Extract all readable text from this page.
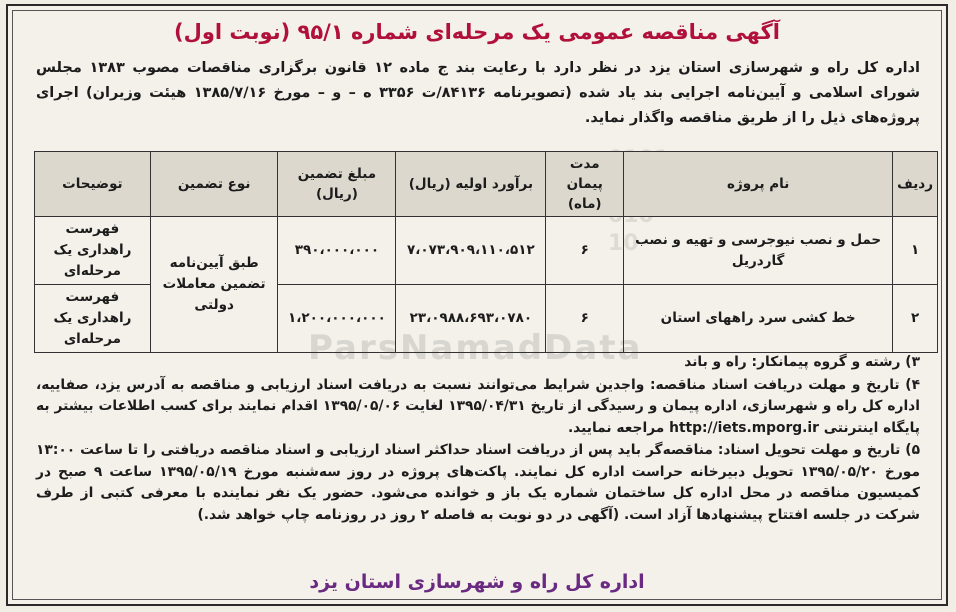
10
ParsNamadData
آگهی مناقصه عمومی یک مرحله‌ای شماره ۹۵/۱ (نوبت اول)
اداره کل راه و شهرسازی استان یزد در نظر دارد با رعایت بند ج ماده ۱۲ قانون برگزاری مناقصات مصوب ۱۳۸۳ مجلس شورای اسلامی و آیین‌نامه اجرایی بند یاد شده (تصویرنامه ۸۴۱۳۶/ت ۳۳۵۶ ه – و – مورخ ۱۳۸۵/۷/۱۶ هیئت وزیران) اجرای پروژه‌های ذیل را از طریق مناقصه واگذار نماید.
ردیف	نام پروژه	مدت پیمان (ماه)	برآورد اولیه (ریال)	مبلغ تضمین (ریال)	نوع تضمین	توضیحات
۱	حمل و نصب نیوجرسی و تهیه و نصب گاردریل	۶	۷،۰۷۳،۹۰۹،۱۱۰،۵۱۲	۳۹۰،۰۰۰،۰۰۰	طبق آیین‌نامه تضمین معاملات دولتی	فهرست راهداری یک مرحله‌ای
۲	خط کشی سرد راههای استان	۶	۲۳،۰۹۸۸،۶۹۳،۰۷۸۰	۱،۲۰۰،۰۰۰،۰۰۰		فهرست راهداری یک مرحله‌ای

۳) رشته و گروه پیمانکار: راه و باند

۴) تاریخ و مهلت دریافت اسناد مناقصه: واجدین شرایط می‌توانند نسبت به دریافت اسناد ارزیابی و مناقصه به آدرس یزد، صفاییه، اداره کل راه و شهرسازی، اداره پیمان و رسیدگی از تاریخ ۱۳۹۵/۰۴/۳۱ لغایت ۱۳۹۵/۰۵/۰۶ اقدام نمایند برای کسب اطلاعات بیشتر به پایگاه اینترنتی http://iets.mporg.ir مراجعه نمایید.

۵) تاریخ و مهلت تحویل اسناد: مناقصه‌گر باید پس از دریافت اسناد حداکثر اسناد ارزیابی و اسناد مناقصه دریافتی را تا ساعت ۱۳:۰۰ مورخ ۱۳۹۵/۰۵/۲۰ تحویل دبیرخانه حراست اداره کل نمایند. پاکت‌های پروژه در روز سه‌شنبه مورخ ۱۳۹۵/۰۵/۱۹ ساعت ۹ صبح در کمیسیون مناقصه در محل اداره کل ساختمان شماره یک باز و خوانده می‌شود. حضور یک نفر نماینده با معرفی کتبی از طرف شرکت در جلسه افتتاح پیشنهادها آزاد است. (آگهی در دو نوبت به فاصله ۲ روز در روزنامه چاپ خواهد شد.)

اداره کل راه و شهرسازی استان یزد
